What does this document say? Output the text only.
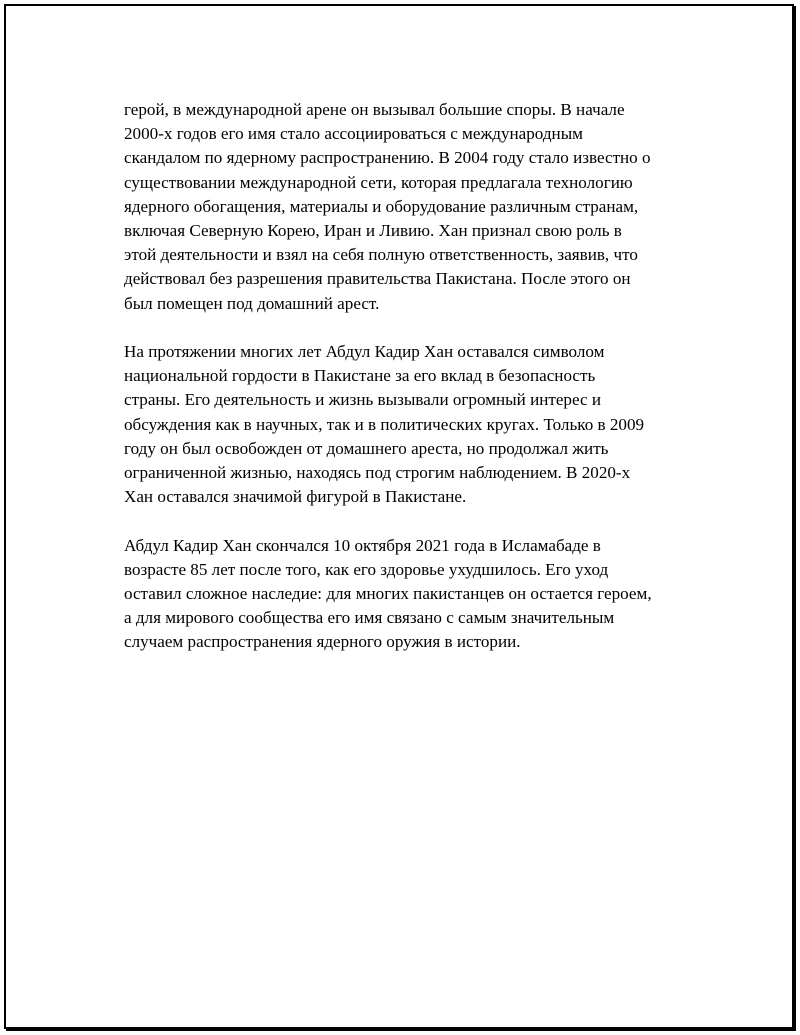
герой, в международной арене он вызывал большие споры. В начале
2000-х годов его имя стало ассоциироваться с международным
скандалом по ядерному распространению. В 2004 году стало известно о
существовании международной сети, которая предлагала технологию
ядерного обогащения, материалы и оборудование различным странам,
включая Северную Корею, Иран и Ливию. Хан признал свою роль в
этой деятельности и взял на себя полную ответственность, заявив, что
действовал без разрешения правительства Пакистана. После этого он
был помещен под домашний арест.

На протяжении многих лет Абдул Кадир Хан оставался символом
национальной гордости в Пакистане за его вклад в безопасность
страны. Его деятельность и жизнь вызывали огромный интерес и
обсуждения как в научных, так и в политических кругах. Только в 2009
году он был освобожден от домашнего ареста, но продолжал жить
ограниченной жизнью, находясь под строгим наблюдением. В 2020-х
Хан оставался значимой фигурой в Пакистане.

Абдул Кадир Хан скончался 10 октября 2021 года в Исламабаде в
возрасте 85 лет после того, как его здоровье ухудшилось. Его уход
оставил сложное наследие: для многих пакистанцев он остается героем,
а для мирового сообщества его имя связано с самым значительным
случаем распространения ядерного оружия в истории.
